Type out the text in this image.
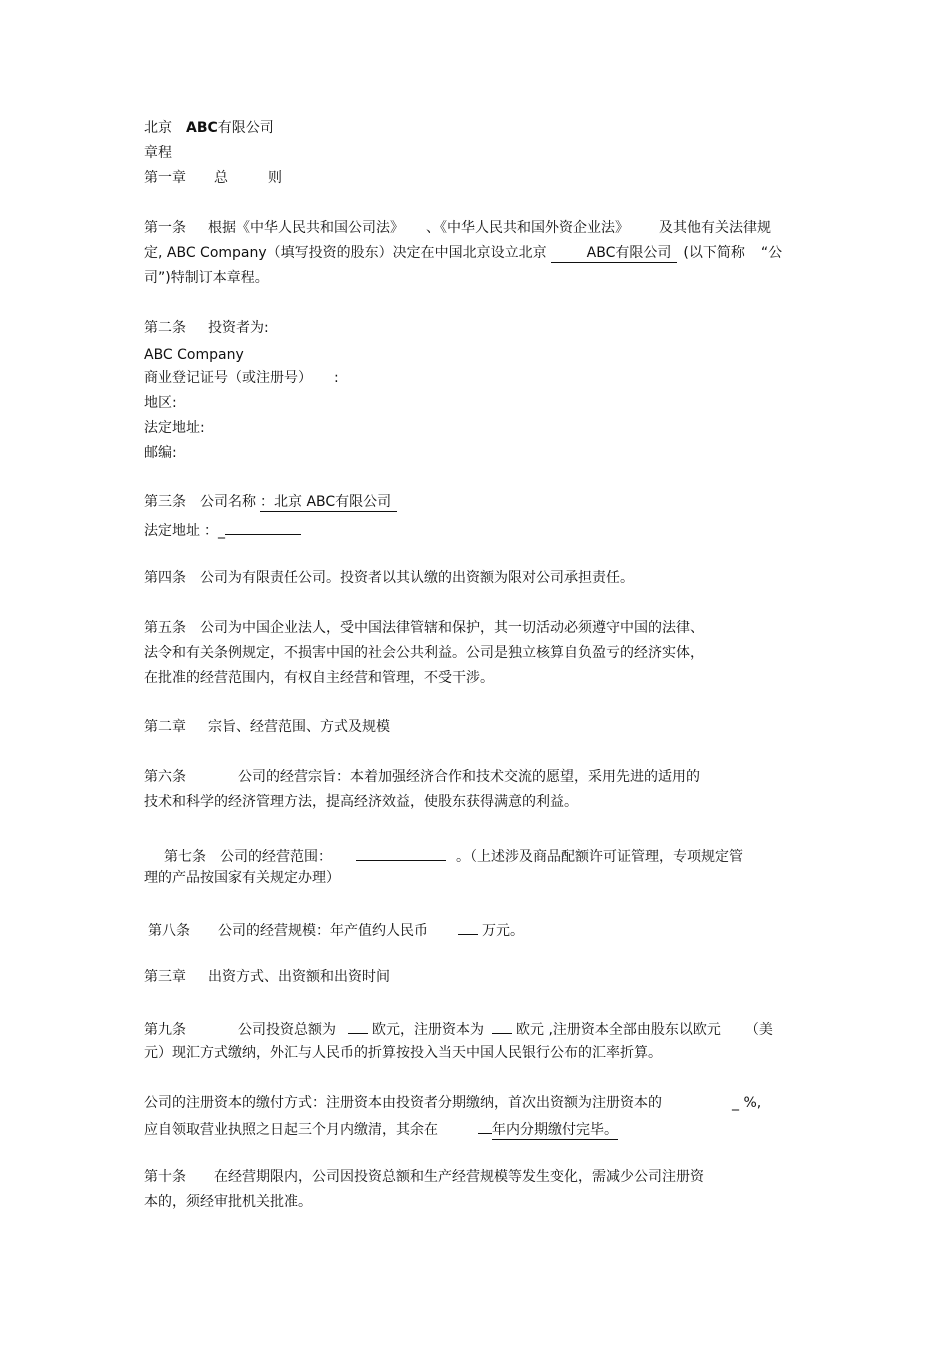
北京 ABC有限公司
章程
第一章 总	则
第一条 根据《中华人民共和国公司法》 、《中华人民共和国外资企业法》 及其他有关法律规
定, ABC Company（填写投资的股东）决定在中国北京设立北京	ABC有限公司 (以下简称 “公
司”)特制订本章程。
第二条 投资者为:
ABC Company
商业登记证号（或注册号） :
地区:
法定地址:
邮编:
第三条 公司名称 ：北京 ABC有限公司
法定地址 ：_
第四条 公司为有限责任公司。投资者以其认缴的出资额为限对公司承担责任。
第五条 公司为中国企业法人，受中国法律管辖和保护，其一切活动必须遵守中国的法律、
法令和有关条例规定，不损害中国的社会公共利益。公司是独立核算自负盈亏的经济实体，
在批准的经营范围内，有权自主经营和管理，不受干涉。
第二章 宗旨、经营范围、方式及规模
第六条	公司的经营宗旨：本着加强经济合作和技术交流的愿望，采用先进的适用的
技术和科学的经济管理方法，提高经济效益，使股东获得满意的利益。
第七条 公司的经营范围：	。（上述涉及商品配额许可证管理，专项规定管
理的产品按国家有关规定办理）
第八条 公司的经营规模：年产值约人民币	万元。
第三章 出资方式、出资额和出资时间
第九条	公司投资总额为	欧元，注册资本为 欧元 ,注册资本全部由股东以欧元 （美
元）现汇方式缴纳，外汇与人民币的折算按投入当天中国人民银行公布的汇率折算。
公司的注册资本的缴付方式：注册资本由投资者分期缴纳，首次出资额为注册资本的	_ %,
应自领取营业执照之日起三个月内缴清，其余在	年内分期缴付完毕。
第十条 在经营期限内，公司因投资总额和生产经营规模等发生变化，需减少公司注册资
本的，须经审批机关批准。
